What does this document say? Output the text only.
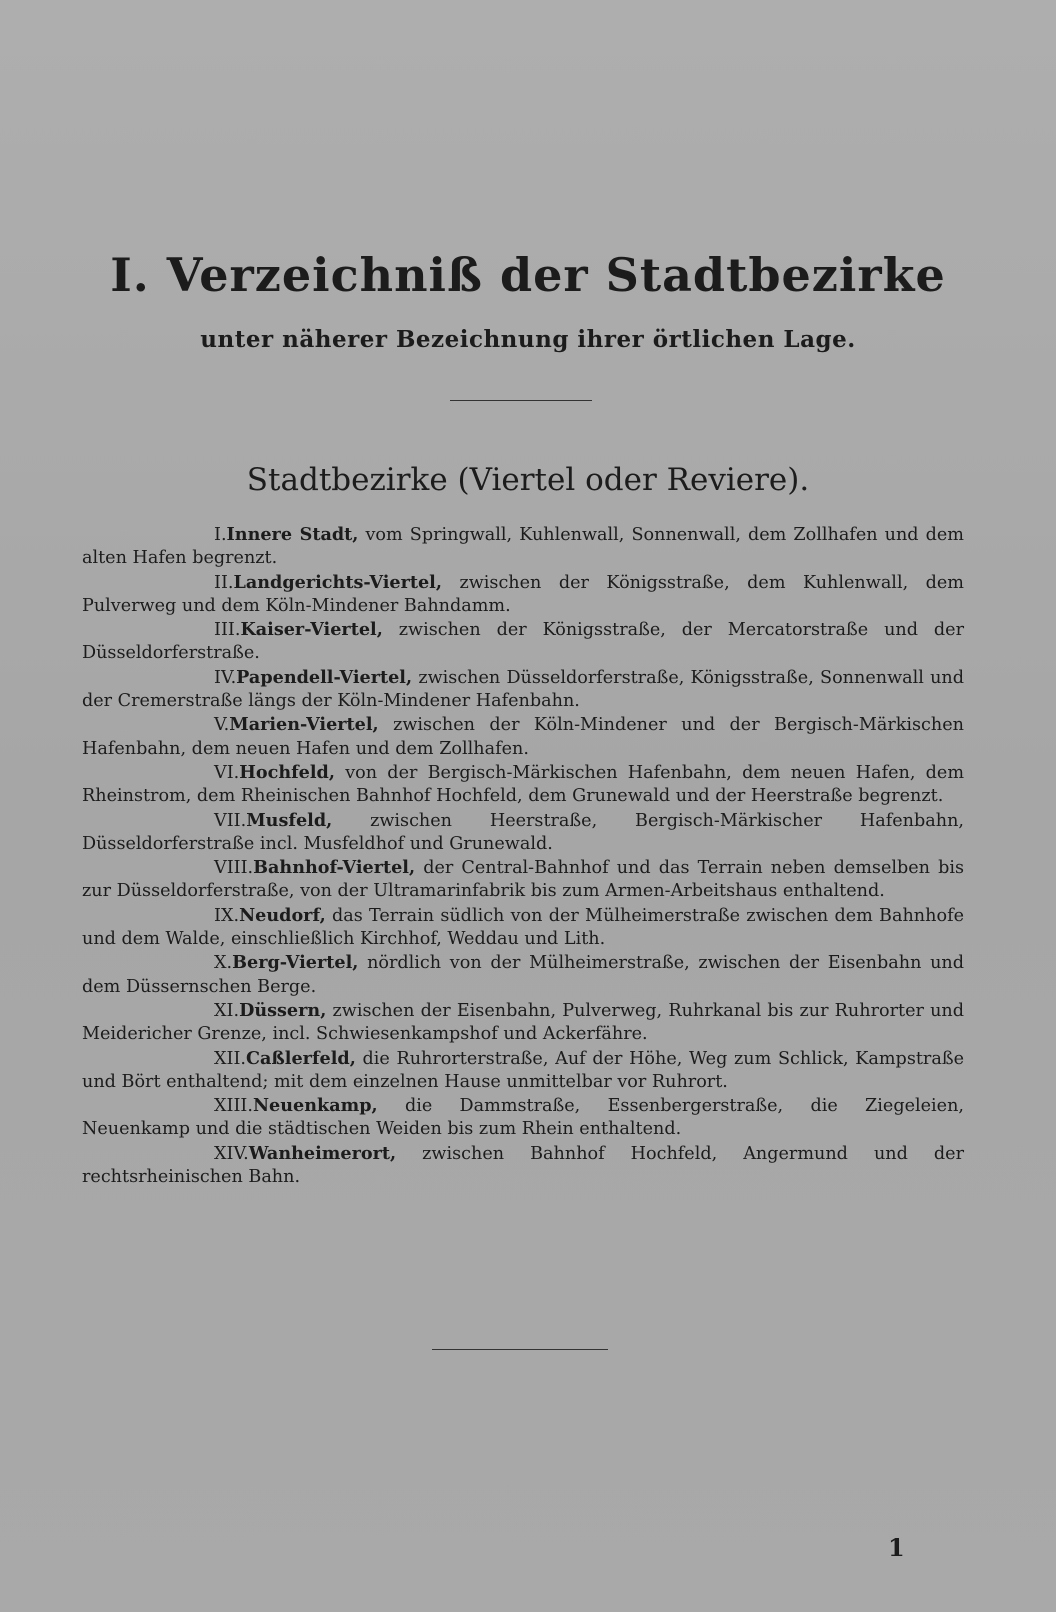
I. Verzeichniß der Stadtbezirke
unter näherer Bezeichnung ihrer örtlichen Lage.
Stadtbezirke (Viertel oder Reviere).

I.Innere Stadt, vom Springwall, Kuhlenwall, Sonnenwall, dem Zollhafen und dem alten Hafen begrenzt.

II.Landgerichts-Viertel, zwischen der Königsstraße, dem Kuhlenwall, dem Pulverweg und dem Köln-Mindener Bahndamm.

III.Kaiser-Viertel, zwischen der Königsstraße, der Mercatorstraße und der Düsseldorferstraße.

IV.Papendell-Viertel, zwischen Düsseldorferstraße, Königsstraße, Sonnenwall und der Cremerstraße längs der Köln-Mindener Hafenbahn.

V.Marien-Viertel, zwischen der Köln-Mindener und der Bergisch-Märkischen Hafenbahn, dem neuen Hafen und dem Zollhafen.

VI.Hochfeld, von der Bergisch-Märkischen Hafenbahn, dem neuen Hafen, dem Rheinstrom, dem Rheinischen Bahnhof Hochfeld, dem Grunewald und der Heerstraße begrenzt.

VII.Musfeld, zwischen Heerstraße, Bergisch-Märkischer Hafenbahn, Düsseldorferstraße incl. Musfeldhof und Grunewald.

VIII.Bahnhof-Viertel, der Central-Bahnhof und das Terrain neben demselben bis zur Düsseldorferstraße, von der Ultramarinfabrik bis zum Armen-Arbeitshaus enthaltend.

IX.Neudorf, das Terrain südlich von der Mülheimerstraße zwischen dem Bahnhofe und dem Walde, einschließlich Kirchhof, Weddau und Lith.

X.Berg-Viertel, nördlich von der Mülheimerstraße, zwischen der Eisenbahn und dem Düssernschen Berge.

XI.Düssern, zwischen der Eisenbahn, Pulverweg, Ruhrkanal bis zur Ruhrorter und Meidericher Grenze, incl. Schwiesenkampshof und Ackerfähre.

XII.Caßlerfeld, die Ruhrorterstraße, Auf der Höhe, Weg zum Schlick, Kampstraße und Bört enthaltend; mit dem einzelnen Hause unmittelbar vor Ruhrort.

XIII.Neuenkamp, die Dammstraße, Essenbergerstraße, die Ziegeleien, Neuenkamp und die städtischen Weiden bis zum Rhein enthaltend.

XIV.Wanheimerort, zwischen Bahnhof Hochfeld, Angermund und der rechtsrheinischen Bahn.

1
